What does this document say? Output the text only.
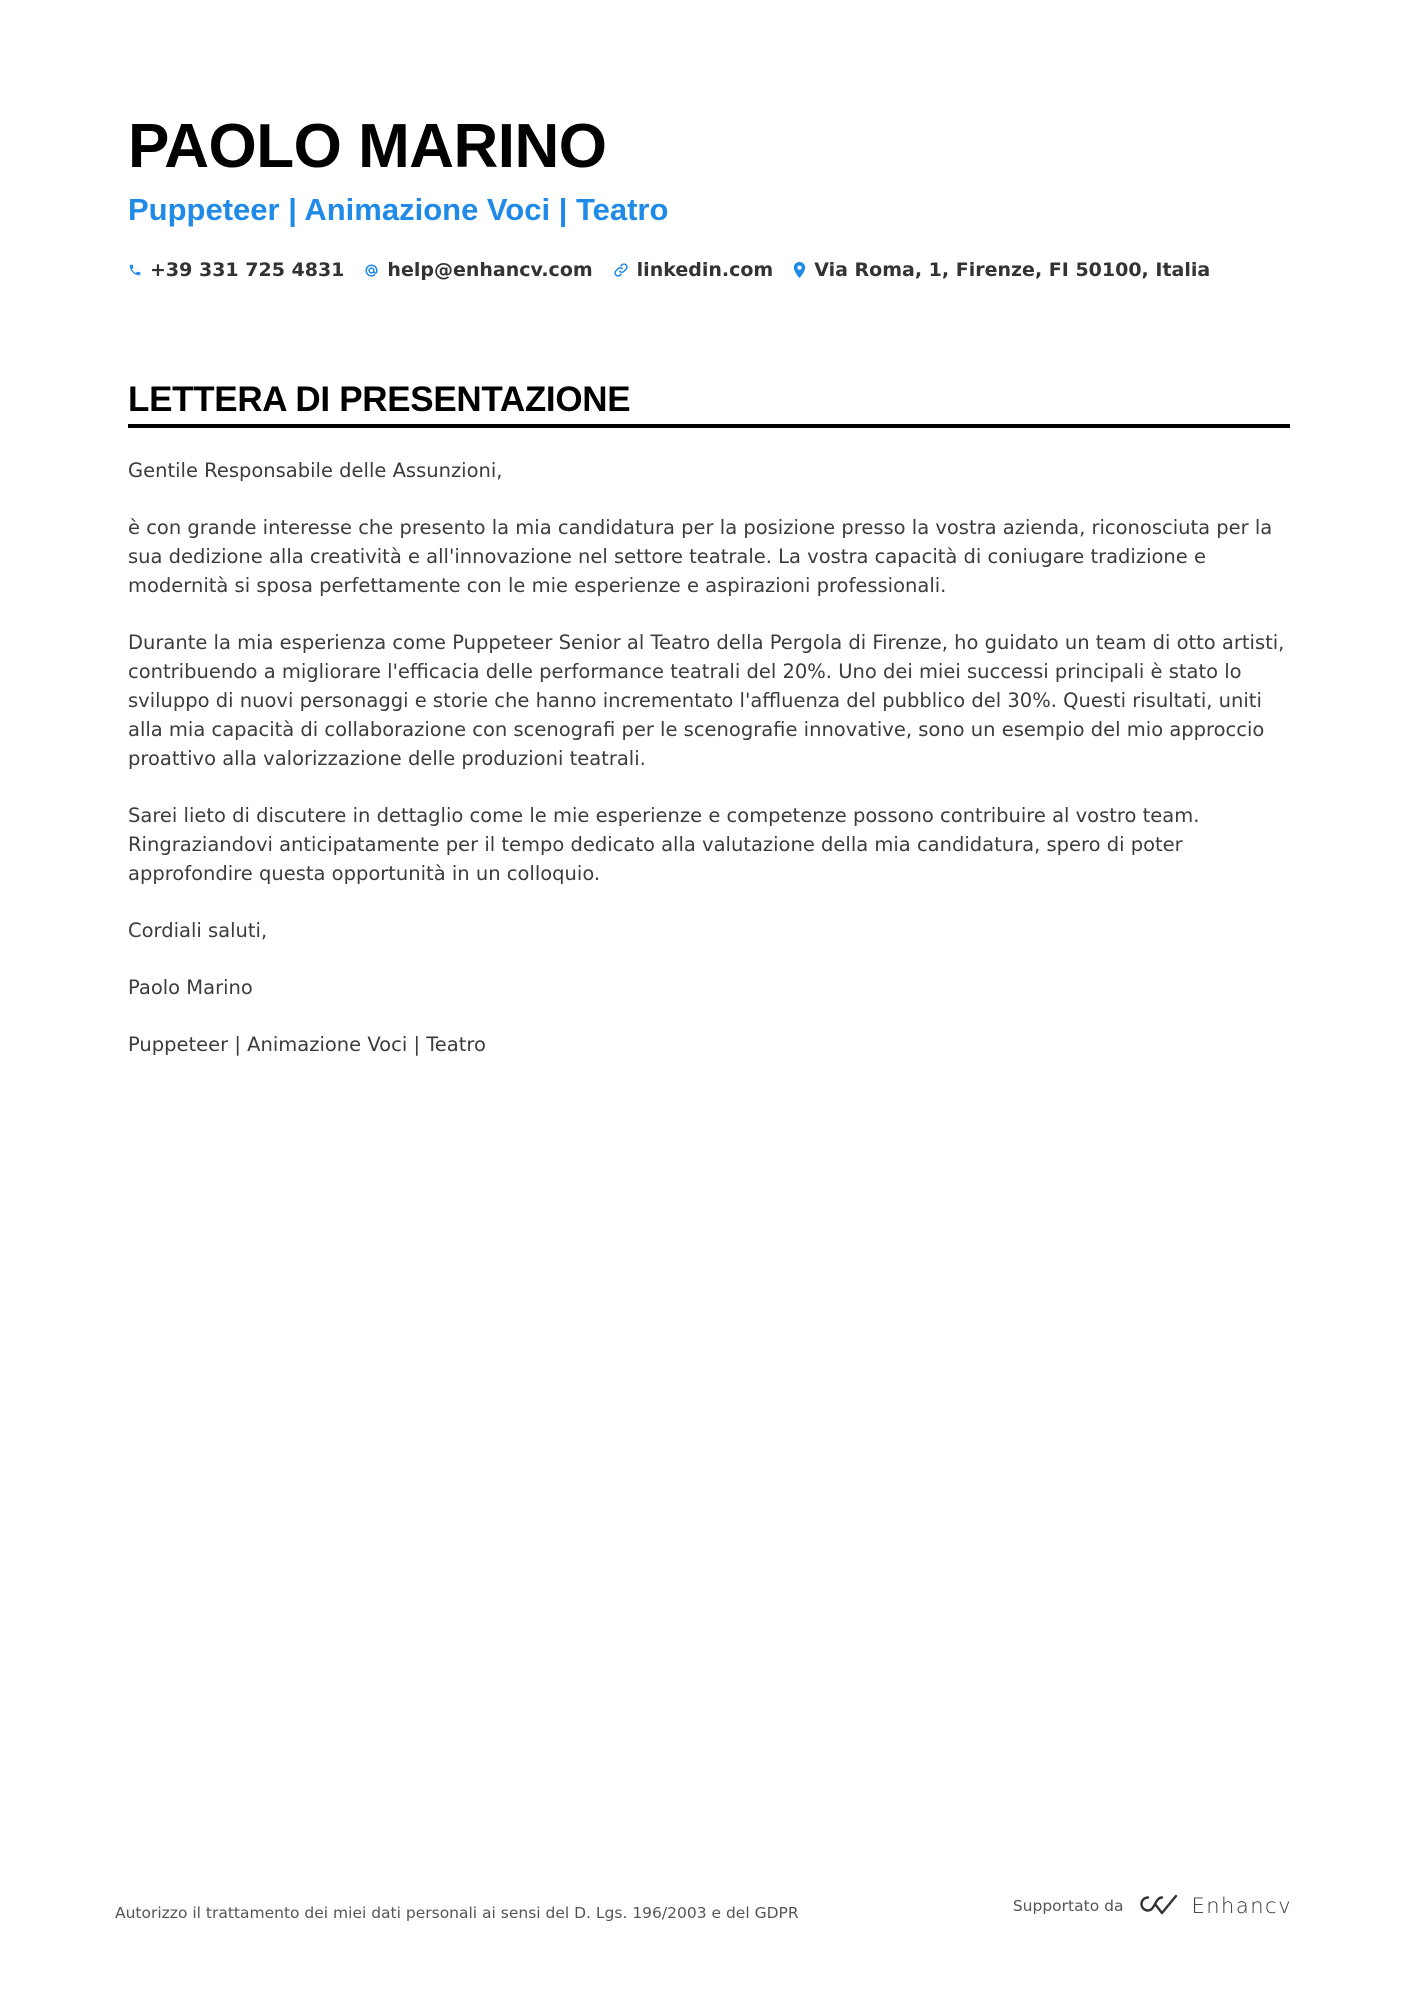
PAOLO MARINO
Puppeteer | Animazione Voci | Teatro
+39 331 725 4831 help@enhancv.com linkedin.com Via Roma, 1, Firenze, FI 50100, Italia
LETTERA DI PRESENTAZIONE

Gentile Responsabile delle Assunzioni,

è con grande interesse che presento la mia candidatura per la posizione presso la vostra azienda, riconosciuta per la sua dedizione alla creatività e all'innovazione nel settore teatrale. La vostra capacità di coniugare tradizione e modernità si sposa perfettamente con le mie esperienze e aspirazioni professionali.

Durante la mia esperienza come Puppeteer Senior al Teatro della Pergola di Firenze, ho guidato un team di otto artisti, contribuendo a migliorare l'efficacia delle performance teatrali del 20%. Uno dei miei successi principali è stato lo sviluppo di nuovi personaggi e storie che hanno incrementato l'affluenza del pubblico del 30%. Questi risultati, uniti alla mia capacità di collaborazione con scenografi per le scenografie innovative, sono un esempio del mio approccio proattivo alla valorizzazione delle produzioni teatrali.

Sarei lieto di discutere in dettaglio come le mie esperienze e competenze possono contribuire al vostro team. Ringraziandovi anticipatamente per il tempo dedicato alla valutazione della mia candidatura, spero di poter approfondire questa opportunità in un colloquio.

Cordiali saluti,

Paolo Marino

Puppeteer | Animazione Voci | Teatro

Autorizzo il trattamento dei miei dati personali ai sensi del D. Lgs. 196/2003 e del GDPR	Supportato da	Enhancv
